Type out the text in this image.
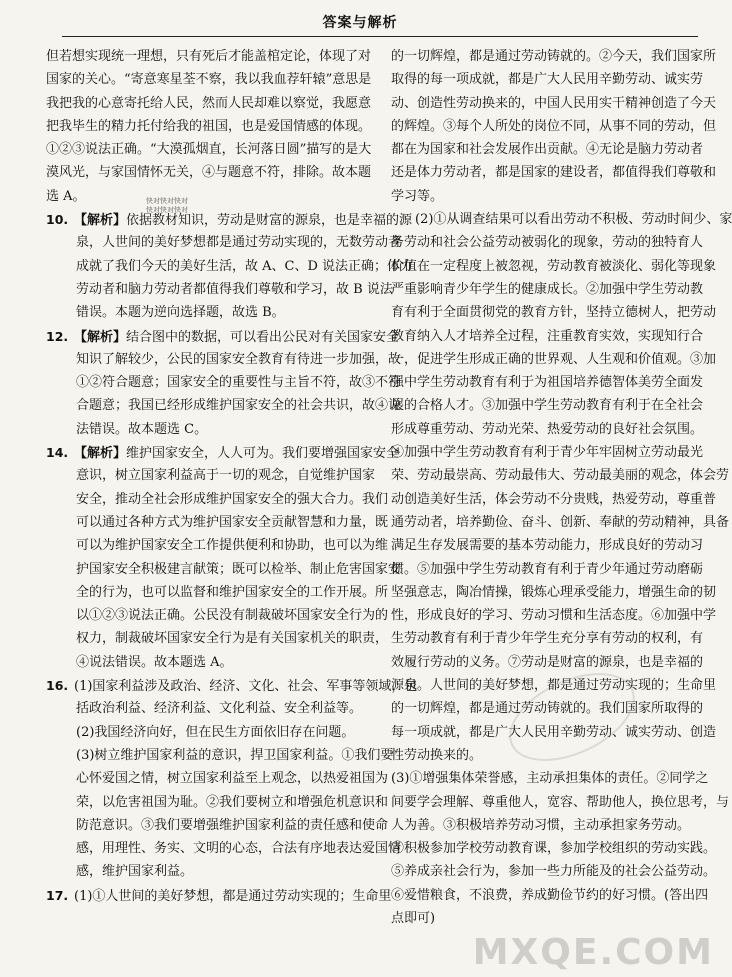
答案与解析
但若想实现统一理想，只有死后才能盖棺定论，体现了对
国家的关心。“寄意寒星荃不察，我以我血荐轩辕”意思是
我把我的心意寄托给人民，然而人民却难以察觉，我愿意
把我毕生的精力托付给我的祖国，也是爱国情感的体现。
①②③说法正确。“大漠孤烟直，长河落日圆”描写的是大
漠风光，与家国情怀无关，④与题意不符，排除。故本题
选 A。
10. 【解析】依据教材知识，劳动是财富的源泉，也是幸福的源
泉，人世间的美好梦想都是通过劳动实现的，无数劳动者
成就了我们今天的美好生活，故 A、C、D 说法正确；体力
劳动者和脑力劳动者都值得我们尊敬和学习，故 B 说法
错误。本题为逆向选择题，故选 B。
12. 【解析】结合图中的数据，可以看出公民对有关国家安全
知识了解较少，公民的国家安全教育有待进一步加强，故
①②符合题意；国家安全的重要性与主旨不符，故③不符
合题意；我国已经形成维护国家安全的社会共识，故④说
法错误。故本题选 C。
14. 【解析】维护国家安全，人人可为。我们要增强国家安全
意识，树立国家利益高于一切的观念，自觉维护国家
安全，推动全社会形成维护国家安全的强大合力。我们
可以通过各种方式为维护国家安全贡献智慧和力量，既
可以为维护国家安全工作提供便利和协助，也可以为维
护国家安全积极建言献策；既可以检举、制止危害国家安
全的行为，也可以监督和维护国家安全的工作开展。所
以①②③说法正确。公民没有制裁破坏国家安全行为的
权力，制裁破坏国家安全行为是有关国家机关的职责，
④说法错误。故本题选 A。
16. (1)国家利益涉及政治、经济、文化、社会、军事等领域，包
括政治利益、经济利益、文化利益、安全利益等。
(2)我国经济向好，但在民生方面依旧存在问题。
(3)树立维护国家利益的意识，捍卫国家利益。①我们要
心怀爱国之情，树立国家利益至上观念，以热爱祖国为
荣，以危害祖国为耻。②我们要树立和增强危机意识和
防范意识。③我们要增强维护国家利益的责任感和使命
感，用理性、务实、文明的心态，合法有序地表达爱国情
感，维护国家利益。
17. (1)①人世间的美好梦想，都是通过劳动实现的；生命里
的一切辉煌，都是通过劳动铸就的。②今天，我们国家所
取得的每一项成就，都是广大人民用辛勤劳动、诚实劳
动、创造性劳动换来的，中国人民用实干精神创造了今天
的辉煌。③每个人所处的岗位不同，从事不同的劳动，但
都在为国家和社会发展作出贡献。④无论是脑力劳动者
还是体力劳动者，都是国家的建设者，都值得我们尊敬和
学习等。
(2)①从调查结果可以看出劳动不积极、劳动时间少、家
务劳动和社会公益劳动被弱化的现象，劳动的独特育人
价值在一定程度上被忽视，劳动教育被淡化、弱化等现象
严重影响青少年学生的健康成长。②加强中学生劳动教
育有利于全面贯彻党的教育方针，坚持立德树人，把劳动
教育纳入人才培养全过程，注重教育实效，实现知行合
一，促进学生形成正确的世界观、人生观和价值观。③加
强中学生劳动教育有利于为祖国培养德智体美劳全面发
展的合格人才。③加强中学生劳动教育有利于在全社会
形成尊重劳动、劳动光荣、热爱劳动的良好社会氛围。
④加强中学生劳动教育有利于青少年牢固树立劳动最光
荣、劳动最崇高、劳动最伟大、劳动最美丽的观念，体会劳
动创造美好生活，体会劳动不分贵贱，热爱劳动，尊重普
通劳动者，培养勤俭、奋斗、创新、奉献的劳动精神，具备
满足生存发展需要的基本劳动能力，形成良好的劳动习
惯。⑤加强中学生劳动教育有利于青少年通过劳动磨砺
坚强意志，陶冶情操，锻炼心理承受能力，增强生命的韧
性，形成良好的学习、劳动习惯和生活态度。⑥加强中学
生劳动教育有利于青少年学生充分享有劳动的权利，有
效履行劳动的义务。⑦劳动是财富的源泉，也是幸福的
源泉。人世间的美好梦想，都是通过劳动实现的；生命里
的一切辉煌，都是通过劳动铸就的。我们国家所取得的
每一项成就，都是广大人民用辛勤劳动、诚实劳动、创造
性劳动换来的。
(3)①增强集体荣誉感，主动承担集体的责任。②同学之
间要学会理解、尊重他人，宽容、帮助他人，换位思考，与
人为善。③积极培养劳动习惯，主动承担家务劳动。
④积极参加学校劳动教育课，参加学校组织的劳动实践。
⑤养成亲社会行为，参加一些力所能及的社会公益劳动。
⑥爱惜粮食，不浪费，养成勤俭节约的好习惯。(答出四
点即可)
快对快对快对
快对快对快对
MXQE.COM
